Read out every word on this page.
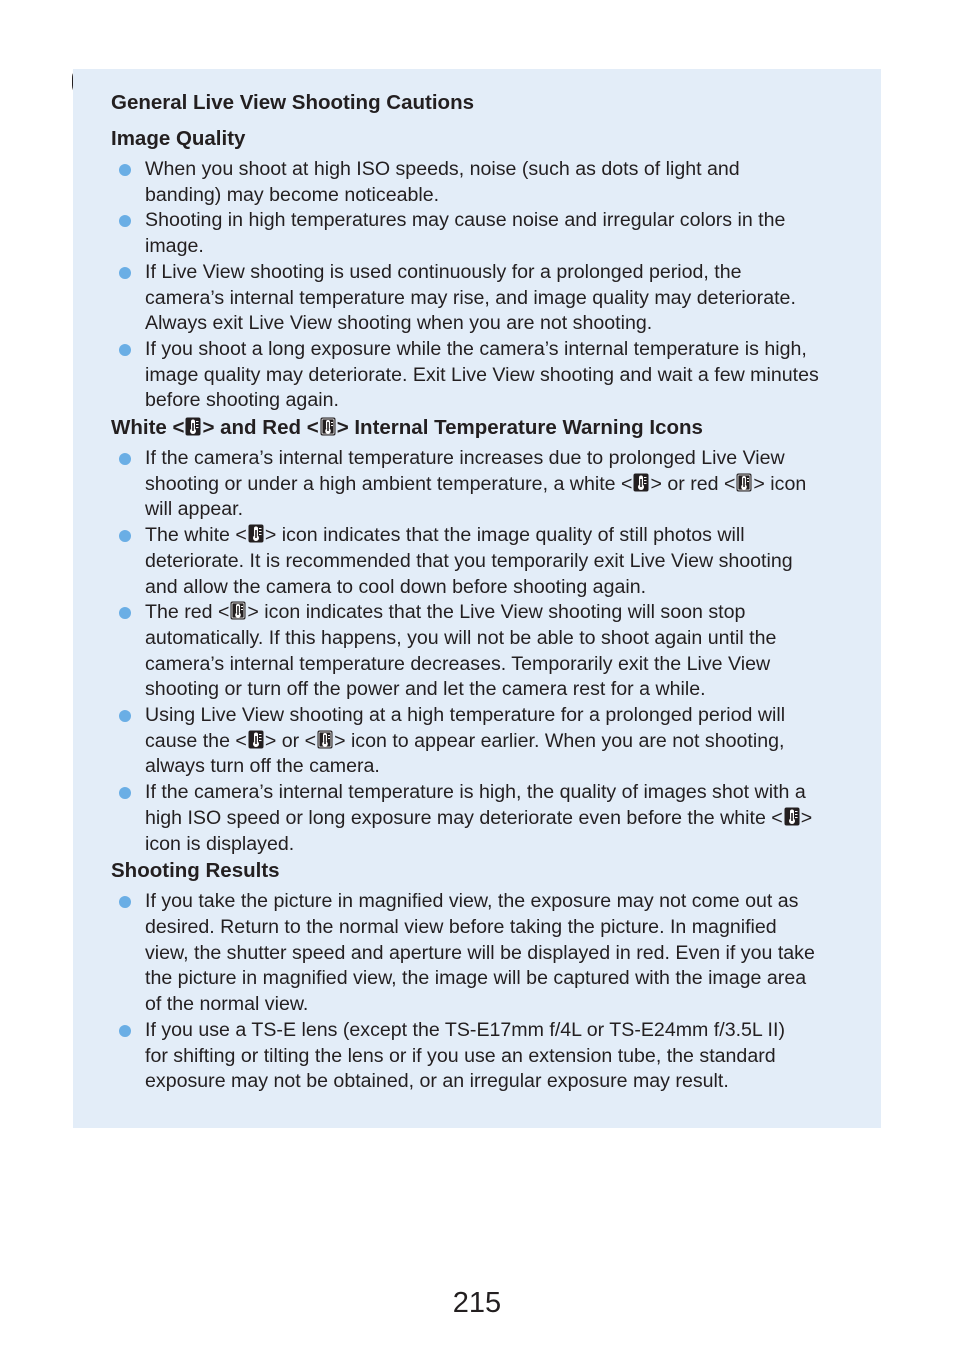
General Live View Shooting Cautions
Image Quality
When you shoot at high ISO speeds, noise (such as dots of light and
banding) may become noticeable.
Shooting in high temperatures may cause noise and irregular colors in the
image.
If Live View shooting is used continuously for a prolonged period, the
camera’s internal temperature may rise, and image quality may deteriorate.
Always exit Live View shooting when you are not shooting.
If you shoot a long exposure while the camera’s internal temperature is high,
image quality may deteriorate. Exit Live View shooting and wait a few minutes
before shooting again.
White < > and Red < > Internal Temperature Warning Icons
If the camera’s internal temperature increases due to prolonged Live View
shooting or under a high ambient temperature, a white < > or red < > icon
will appear.
The white < > icon indicates that the image quality of still photos will
deteriorate. It is recommended that you temporarily exit Live View shooting
and allow the camera to cool down before shooting again.
The red < > icon indicates that the Live View shooting will soon stop
automatically. If this happens, you will not be able to shoot again until the
camera’s internal temperature decreases. Temporarily exit the Live View
shooting or turn off the power and let the camera rest for a while.
Using Live View shooting at a high temperature for a prolonged period will
cause the < > or < > icon to appear earlier. When you are not shooting,
always turn off the camera.
If the camera’s internal temperature is high, the quality of images shot with a
high ISO speed or long exposure may deteriorate even before the white < >
icon is displayed.
Shooting Results
If you take the picture in magnified view, the exposure may not come out as
desired. Return to the normal view before taking the picture. In magnified
view, the shutter speed and aperture will be displayed in red. Even if you take
the picture in magnified view, the image will be captured with the image area
of the normal view.
If you use a TS-E lens (except the TS-E17mm f/4L or TS-E24mm f/3.5L II)
for shifting or tilting the lens or if you use an extension tube, the standard
exposure may not be obtained, or an irregular exposure may result.
215
